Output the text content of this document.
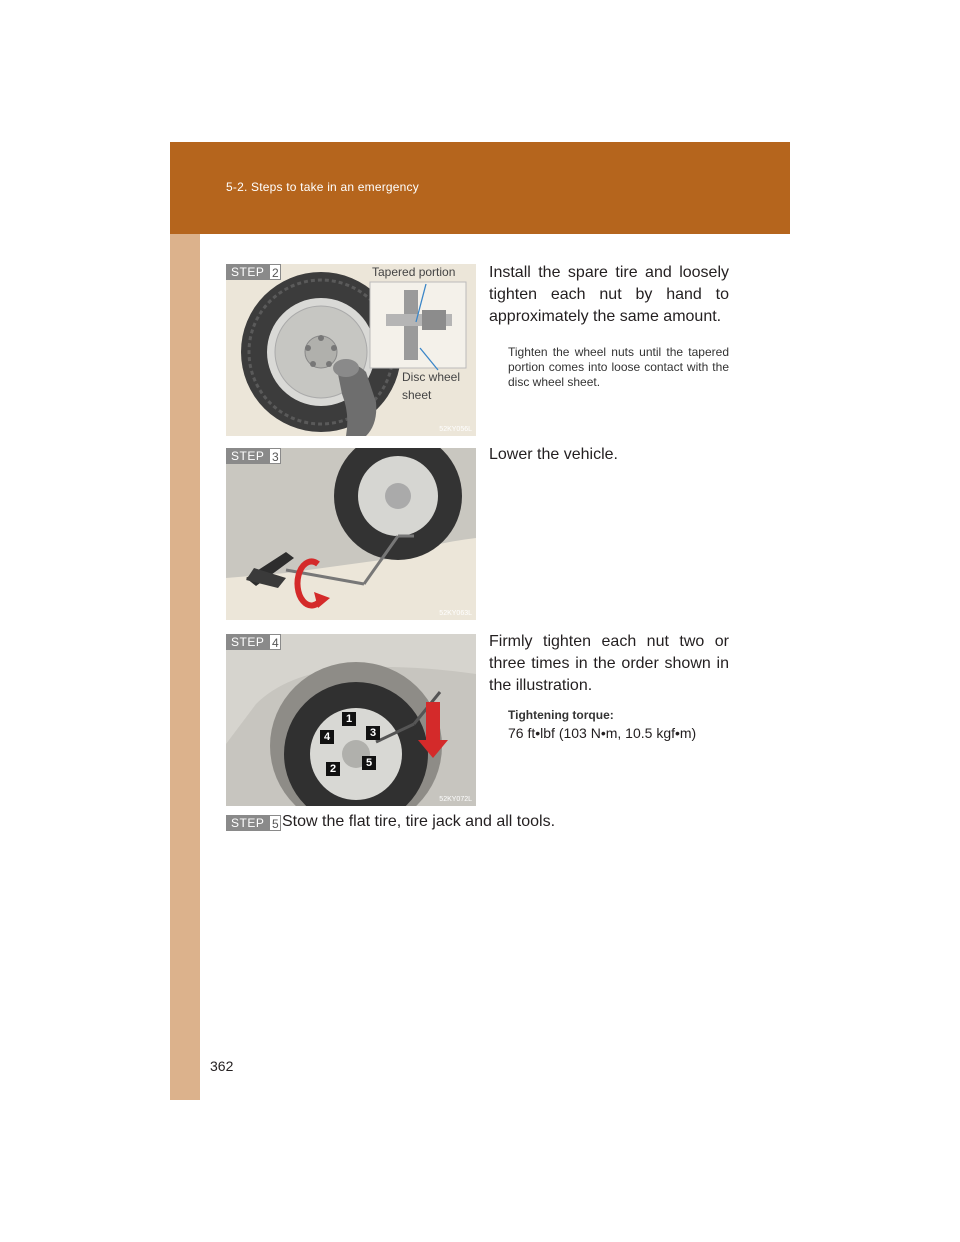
5-2. Steps to take in an emergency
STEP 2	Tapered portion
Disc wheel
sheet
52KY056L
Install the spare tire and loosely tighten each nut by hand to approximately the same amount.
Tighten the wheel nuts until the tapered portion comes into loose contact with the disc wheel sheet.
STEP 3
52KY063L
Lower the vehicle.
STEP 4
1
2
3
4
5
52KY072L
Firmly tighten each nut two or three times in the order shown in the illustration.
Tightening torque:
76 ft•lbf (103 N•m, 10.5 kgf•m)
STEP 5 Stow the flat tire, tire jack and all tools.
362
